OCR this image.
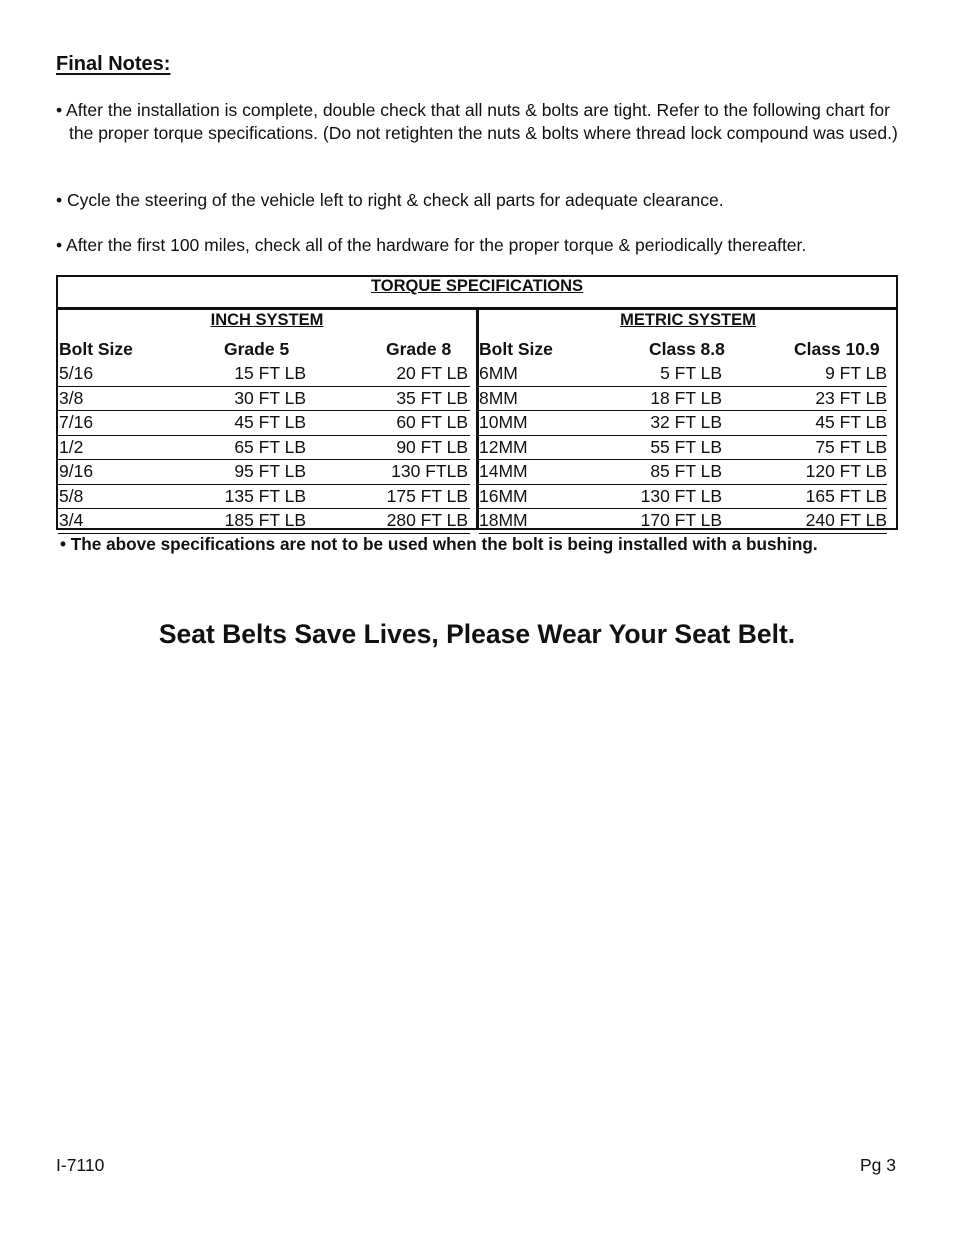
Final Notes:
• After the installation is complete, double check that all nuts & bolts are tight. Refer to the following chart for the proper torque specifications. (Do not retighten the nuts & bolts where thread lock compound was used.)
• Cycle the steering of the vehicle left to right & check all parts for adequate clearance.
• After the first 100 miles, check all of the hardware for the proper torque & periodically thereafter.
TORQUE SPECIFICATIONS
INCH SYSTEM	METRIC SYSTEM
Bolt Size	Grade 5	Grade 8 Bolt Size	Class 8.8	Class 10.9
5/16	15 FT LB	20 FT LB
3/8	30 FT LB	35 FT LB
7/16	45 FT LB	60 FT LB
1/2	65 FT LB	90 FT LB
9/16	95 FT LB	130 FTLB
5/8	135 FT LB	175 FT LB
3/4	185 FT LB	280 FT LB
6MM	5 FT LB	9 FT LB
8MM	18 FT LB	23 FT LB
10MM	32 FT LB	45 FT LB
12MM	55 FT LB	75 FT LB
14MM	85 FT LB	120 FT LB
16MM	130 FT LB	165 FT LB
18MM	170 FT LB	240 FT LB
• The above specifications are not to be used when the bolt is being installed with a bushing.
Seat Belts Save Lives, Please Wear Your Seat Belt.
I-7110	Pg 3
